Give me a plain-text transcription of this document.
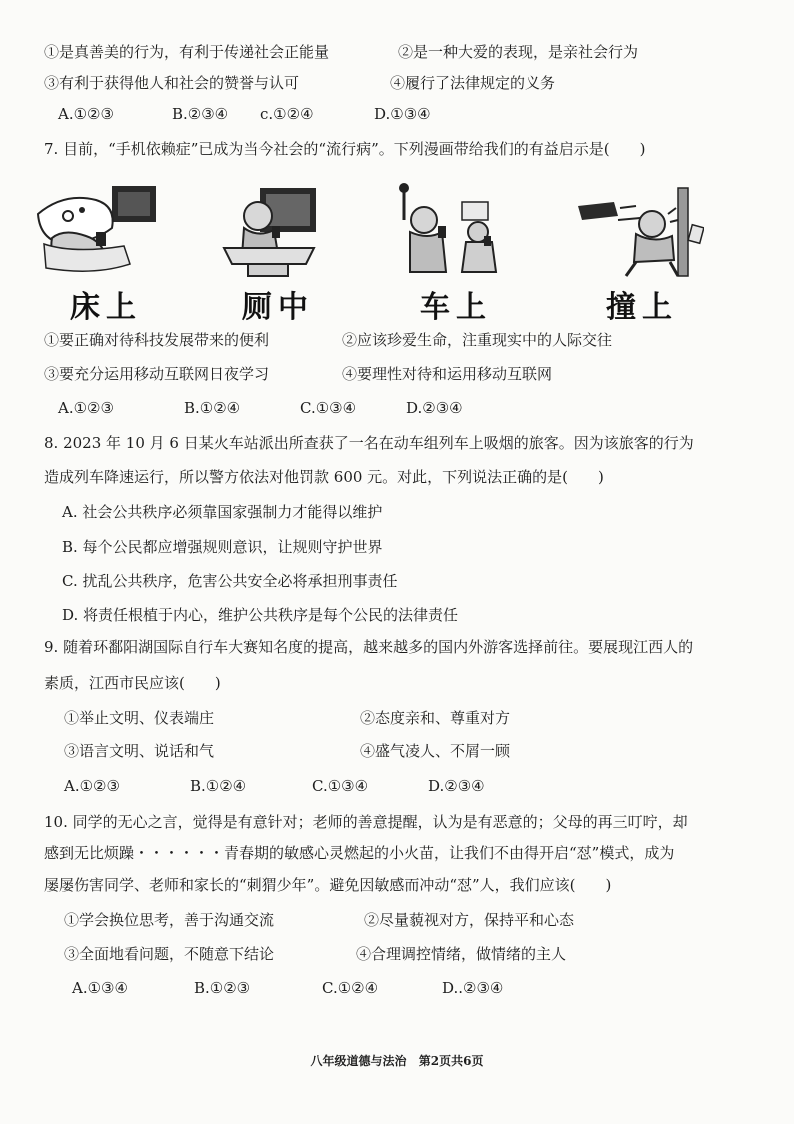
①是真善美的行为，有利于传递社会正能量	②是一种大爱的表现，是亲社会行为
③有利于获得他人和社会的赞誉与认可	④履行了法律规定的义务
A.①②③	B.②③④ c.①②④	D.①③④
7. 目前，“手机依赖症”已成为当今社会的“流行病”。下列漫画带给我们的有益启示是(　　)
床上	厕中	车上	撞上
①要正确对待科技发展带来的便利	②应该珍爱生命，注重现实中的人际交往
③要充分运用移动互联网日夜学习	④要理性对待和运用移动互联网
A.①②③	B.①②④	C.①③④	D.②③④
8. 2023 年 10 月 6 日某火车站派出所查获了一名在动车组列车上吸烟的旅客。因为该旅客的行为
造成列车降速运行，所以警方依法对他罚款 600 元。对此，下列说法正确的是(　　)
A. 社会公共秩序必须靠国家强制力才能得以维护
B. 每个公民都应增强规则意识，让规则守护世界
C. 扰乱公共秩序，危害公共安全必将承担刑事责任
D. 将责任根植于内心，维护公共秩序是每个公民的法律责任
9. 随着环鄱阳湖国际自行车大赛知名度的提高，越来越多的国内外游客选择前往。要展现江西人的
素质，江西市民应该(　　)
①举止文明、仪表端庄	②态度亲和、尊重对方
③语言文明、说话和气	④盛气凌人、不屑一顾
A.①②③	B.①②④	C.①③④	D.②③④
10. 同学的无心之言，觉得是有意针对；老师的善意提醒，认为是有恶意的；父母的再三叮咛，却
感到无比烦躁・・・・・・青春期的敏感心灵燃起的小火苗，让我们不由得开启“怼”模式，成为
屡屡伤害同学、老师和家长的“刺猬少年”。避免因敏感而冲动“怼”人，我们应该(　　)
①学会换位思考，善于沟通交流	②尽量藐视对方，保持平和心态
③全面地看问题，不随意下结论	④合理调控情绪，做情绪的主人
A.①③④	B.①②③	C.①②④	D..②③④
八年级道德与法治 第2页共6页
